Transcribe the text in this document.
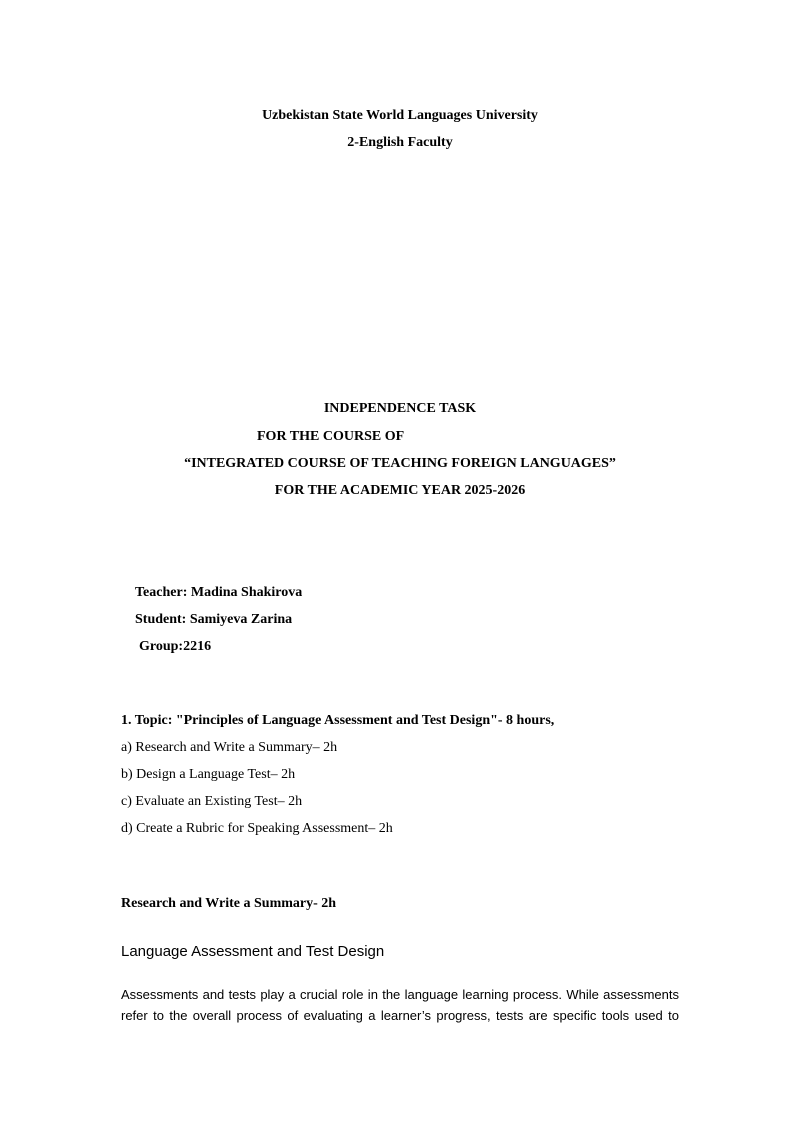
Uzbekistan State World Languages University
2-English Faculty
INDEPENDENCE TASK
FOR THE COURSE OF
“INTEGRATED COURSE OF TEACHING FOREIGN LANGUAGES”
FOR THE ACADEMIC YEAR 2025-2026
Teacher: Madina Shakirova
Student: Samiyeva Zarina
Group:2216
1. Topic: "Principles of Language Assessment and Test Design"- 8 hours,
a) Research and Write a Summary– 2h
b) Design a Language Test– 2h
c) Evaluate an Existing Test– 2h
d) Create a Rubric for Speaking Assessment– 2h
Research and Write a Summary- 2h
Language Assessment and Test Design
Assessments and tests play a crucial role in the language learning process. While assessments
refer to the overall process of evaluating a learner’s progress, tests are specific tools used to
